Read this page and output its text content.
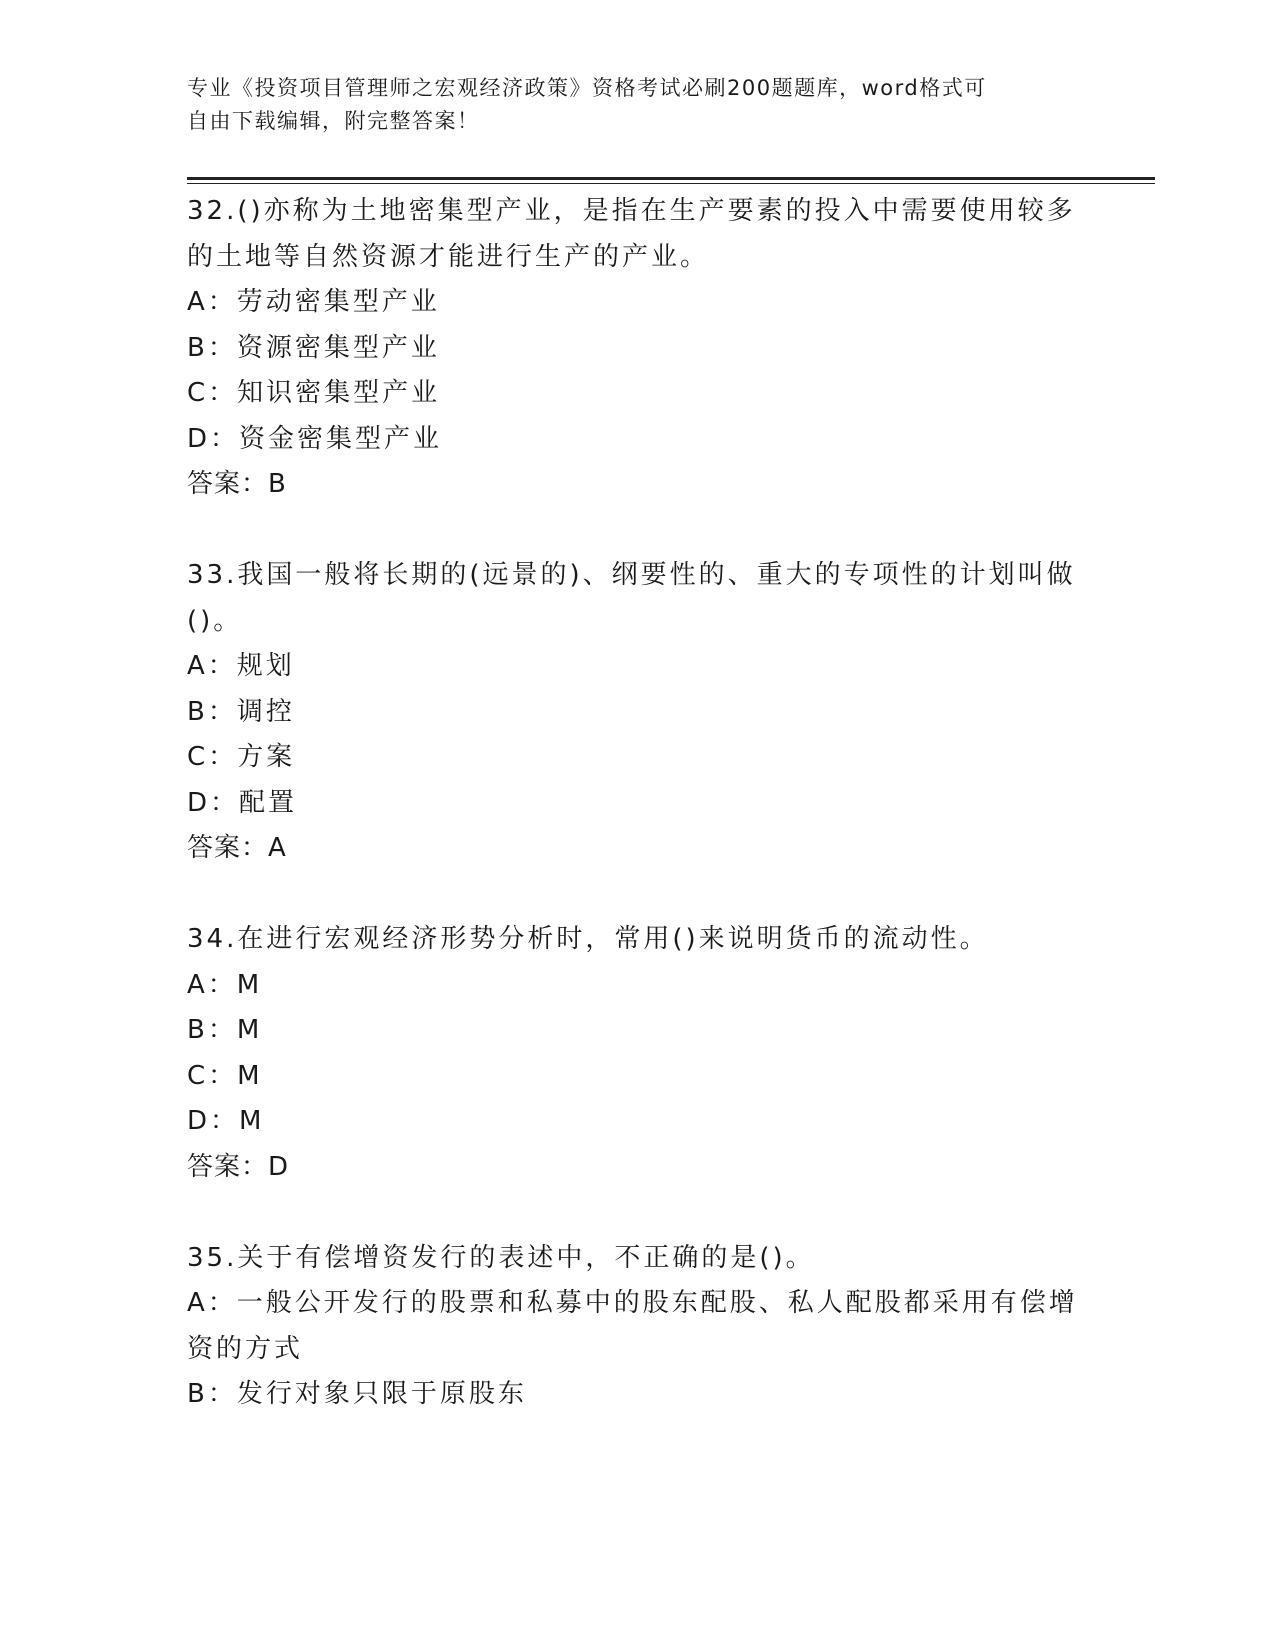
专业《投资项目管理师之宏观经济政策》资格考试必刷200题题库，word格式可
自由下载编辑，附完整答案！
32.()亦称为土地密集型产业，是指在生产要素的投入中需要使用较多
的土地等自然资源才能进行生产的产业。
A：劳动密集型产业
B：资源密集型产业
C：知识密集型产业
D：资金密集型产业
答案：B
33.我国一般将长期的(远景的)、纲要性的、重大的专项性的计划叫做
()。
A：规划
B：调控
C：方案
D：配置
答案：A
34.在进行宏观经济形势分析时，常用()来说明货币的流动性。
A：M
B：M
C：M
D：M
答案：D
35.关于有偿增资发行的表述中，不正确的是()。
A：一般公开发行的股票和私募中的股东配股、私人配股都采用有偿增
资的方式
B：发行对象只限于原股东
